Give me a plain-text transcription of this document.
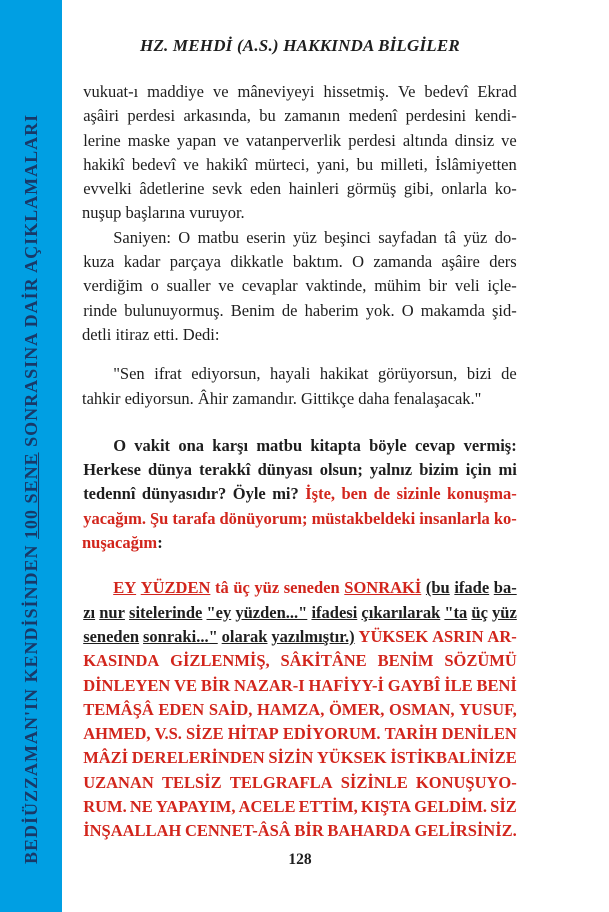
BEDİÜZZAMAN'IN KENDİSİNDEN 100 SENE SONRASINA DAİR AÇIKLAMALARI
HZ. MEHDİ (A.S.) HAKKINDA BİLGİLER
vukuat-ı maddiye ve mâneviyeyi hissetmiş. Ve bedevî Ekrad
aşâiri perdesi arkasında, bu zamanın medenî perdesini kendi-
lerine maske yapan ve vatanperverlik perdesi altında dinsiz ve
hakikî bedevî ve hakikî mürteci, yani, bu milleti, İslâmiyetten
evvelki âdetlerine sevk eden hainleri görmüş gibi, onlarla ko-
nuşup başlarına vuruyor.
Saniyen: O matbu eserin yüz beşinci sayfadan tâ yüz do-
kuza kadar parçaya dikkatle baktım. O zamanda aşâire ders
verdiğim o sualler ve cevaplar vaktinde, mühim bir veli içle-
rinde bulunuyormuş. Benim de haberim yok. O makamda şid-
detli itiraz etti. Dedi:
"Sen ifrat ediyorsun, hayali hakikat görüyorsun, bizi de
tahkir ediyorsun. Âhir zamandır. Gittikçe daha fenalaşacak."
O vakit ona karşı matbu kitapta böyle cevap vermiş:
Herkese dünya terakkî dünyası olsun; yalnız bizim için mi
tedennî dünyasıdır? Öyle mi? İşte, ben de sizinle konuşma-
yacağım. Şu tarafa dönüyorum; müstakbeldeki insanlarla ko-
nuşacağım:
EY YÜZDEN tâ üç yüz seneden SONRAKİ (bu ifade ba-
zı nur sitelerinde "ey yüzden..." ifadesi çıkarılarak "ta üç yüz
seneden sonraki..." olarak yazılmıştır.) YÜKSEK ASRIN AR-
KASINDA GİZLENMİŞ, SÂKİTÂNE BENİM SÖZÜMÜ
DİNLEYEN VE BİR NAZAR-I HAFİYY-İ GAYBÎ İLE BENİ
TEMÂŞÂ EDEN SAİD, HAMZA, ÖMER, OSMAN, YUSUF,
AHMED, V.S. SİZE HİTAP EDİYORUM. TARİH DENİLEN
MÂZİ DERELERİNDEN SİZİN YÜKSEK İSTİKBALİNİZE
UZANAN TELSİZ TELGRAFLA SİZİNLE KONUŞUYO-
RUM. NE YAPAYIM, ACELE ETTİM, KIŞTA GELDİM. SİZ
İNŞAALLAH CENNET-ÂSÂ BİR BAHARDA GELİRSİNİZ.
128
